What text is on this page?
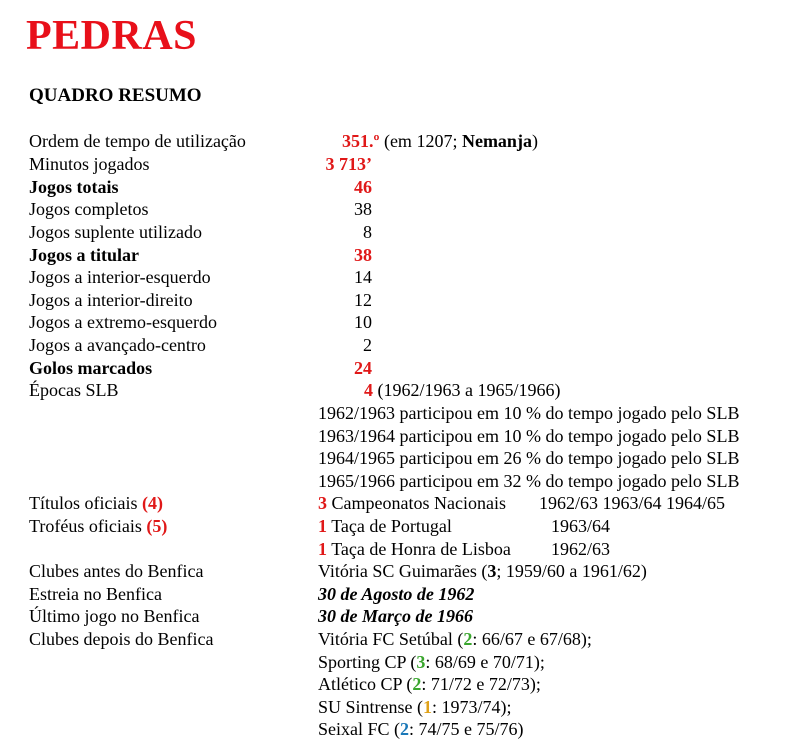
PEDRAS
QUADRO RESUMO
Ordem de tempo de utilização	351.º (em 1207; Nemanja)
Minutos jogados	3 713’
Jogos totais	46
Jogos completos	38
Jogos suplente utilizado	8
Jogos a titular	38
Jogos a interior-esquerdo	14
Jogos a interior-direito	12
Jogos a extremo-esquerdo	10
Jogos a avançado-centro	2
Golos marcados	24
Épocas SLB	4 (1962/1963 a 1965/1966)
1962/1963 participou em 10 % do tempo jogado pelo SLB
1963/1964 participou em 10 % do tempo jogado pelo SLB
1964/1965 participou em 26 % do tempo jogado pelo SLB
1965/1966 participou em 32 % do tempo jogado pelo SLB
Títulos oficiais (4)	3 Campeonatos Nacionais 1962/63 1963/64 1964/65
Troféus oficiais (5)	1 Taça de Portugal	1963/64
1 Taça de Honra de Lisboa 1962/63
Clubes antes do Benfica	Vitória SC Guimarães (3; 1959/60 a 1961/62)
Estreia no Benfica	30 de Agosto de 1962
Último jogo no Benfica	30 de Março de 1966
Clubes depois do Benfica	Vitória FC Setúbal (2: 66/67 e 67/68);
Sporting CP (3: 68/69 e 70/71);
Atlético CP (2: 71/72 e 72/73);
SU Sintrense (1: 1973/74);
Seixal FC (2: 74/75 e 75/76)
